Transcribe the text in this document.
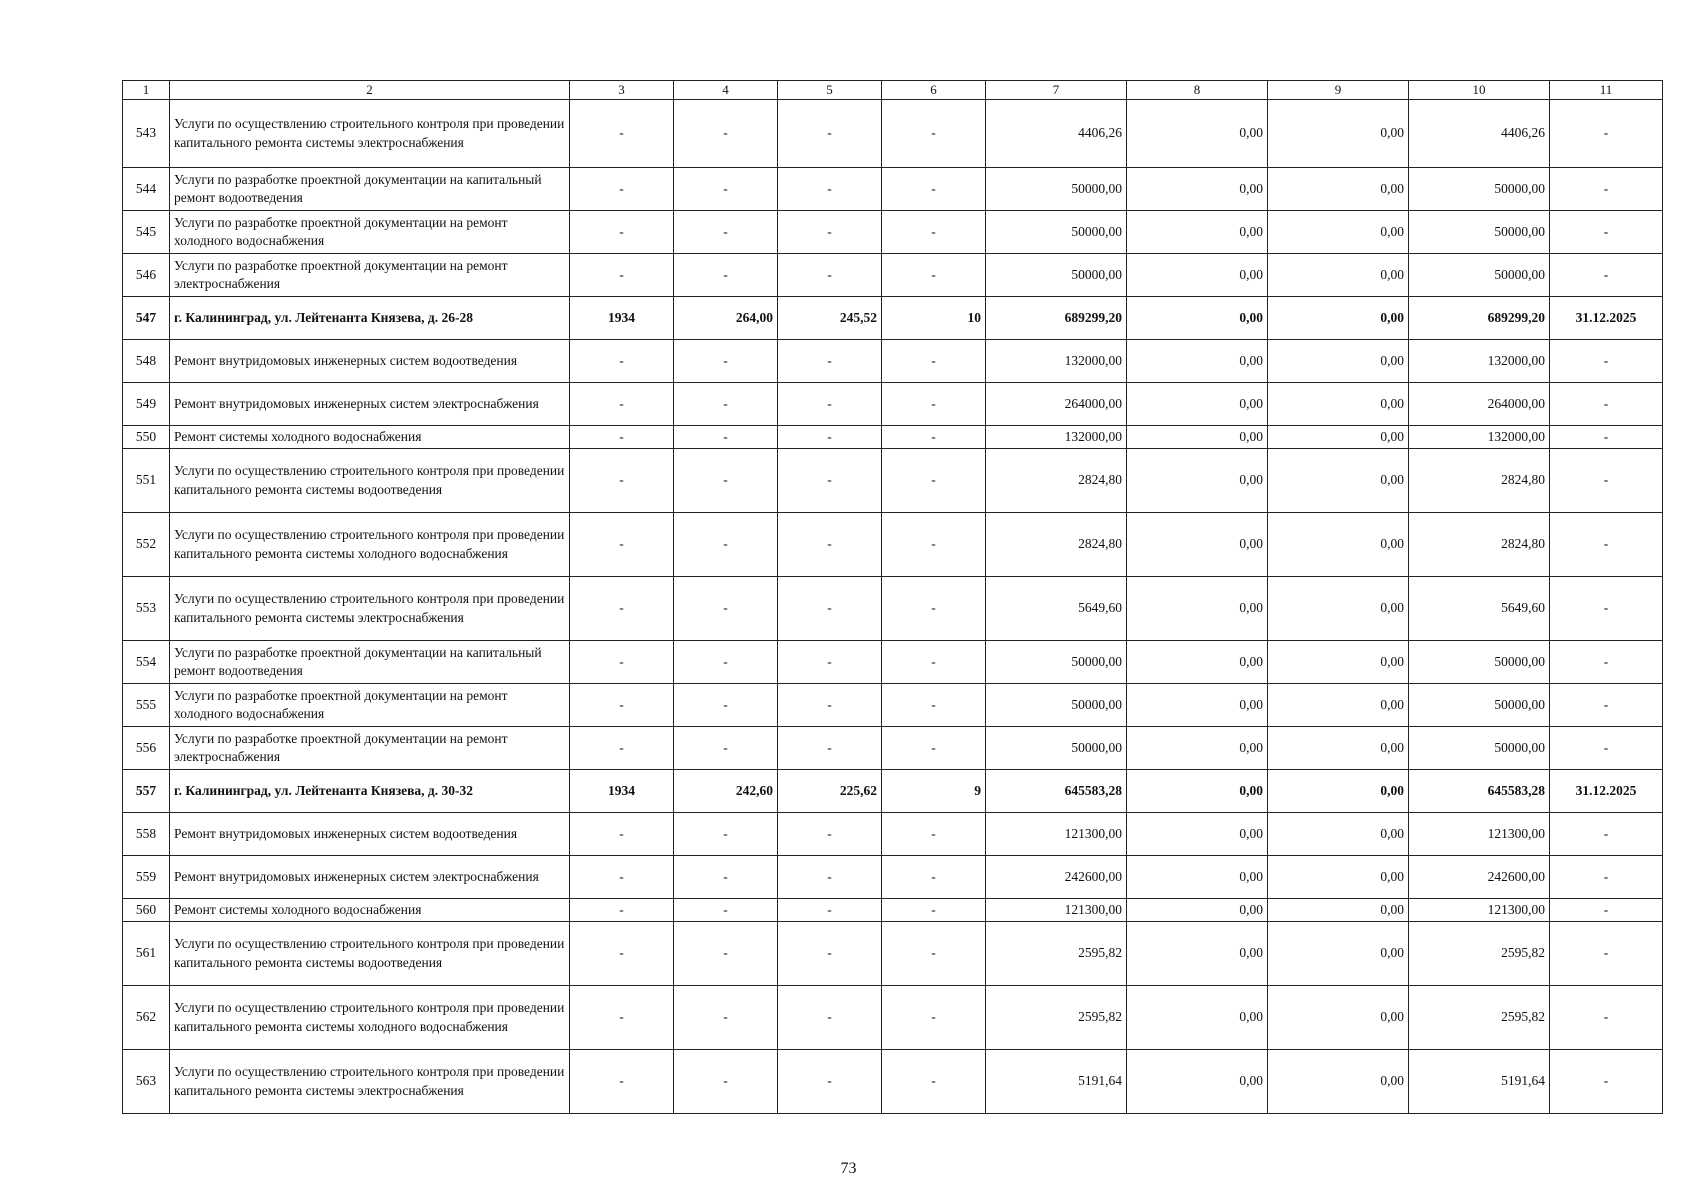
1	2	3	4	5	6	7	8	9	10	11
543	Услуги по осуществлению строительного контроля при проведении капитального ремонта системы электроснабжения	-	-	-	-	4406,26	0,00	0,00	4406,26	-
544	Услуги по разработке проектной документации на капитальный ремонт водоотведения	-	-	-	-	50000,00	0,00	0,00	50000,00	-
545	Услуги по разработке проектной документации на ремонт холодного водоснабжения	-	-	-	-	50000,00	0,00	0,00	50000,00	-
546	Услуги по разработке проектной документации на ремонт электроснабжения	-	-	-	-	50000,00	0,00	0,00	50000,00	-
547	г. Калининград, ул. Лейтенанта Князева, д. 26-28	1934	264,00	245,52	10	689299,20	0,00	0,00	689299,20	31.12.2025
548	Ремонт внутридомовых инженерных систем водоотведения	-	-	-	-	132000,00	0,00	0,00	132000,00	-
549	Ремонт внутридомовых инженерных систем электроснабжения	-	-	-	-	264000,00	0,00	0,00	264000,00	-
550	Ремонт системы холодного водоснабжения	-	-	-	-	132000,00	0,00	0,00	132000,00	-
551	Услуги по осуществлению строительного контроля при проведении капитального ремонта системы водоотведения	-	-	-	-	2824,80	0,00	0,00	2824,80	-
552	Услуги по осуществлению строительного контроля при проведении капитального ремонта системы холодного водоснабжения	-	-	-	-	2824,80	0,00	0,00	2824,80	-
553	Услуги по осуществлению строительного контроля при проведении капитального ремонта системы электроснабжения	-	-	-	-	5649,60	0,00	0,00	5649,60	-
554	Услуги по разработке проектной документации на капитальный ремонт водоотведения	-	-	-	-	50000,00	0,00	0,00	50000,00	-
555	Услуги по разработке проектной документации на ремонт холодного водоснабжения	-	-	-	-	50000,00	0,00	0,00	50000,00	-
556	Услуги по разработке проектной документации на ремонт электроснабжения	-	-	-	-	50000,00	0,00	0,00	50000,00	-
557	г. Калининград, ул. Лейтенанта Князева, д. 30-32	1934	242,60	225,62	9	645583,28	0,00	0,00	645583,28	31.12.2025
558	Ремонт внутридомовых инженерных систем водоотведения	-	-	-	-	121300,00	0,00	0,00	121300,00	-
559	Ремонт внутридомовых инженерных систем электроснабжения	-	-	-	-	242600,00	0,00	0,00	242600,00	-
560	Ремонт системы холодного водоснабжения	-	-	-	-	121300,00	0,00	0,00	121300,00	-
561	Услуги по осуществлению строительного контроля при проведении капитального ремонта системы водоотведения	-	-	-	-	2595,82	0,00	0,00	2595,82	-
562	Услуги по осуществлению строительного контроля при проведении капитального ремонта системы холодного водоснабжения	-	-	-	-	2595,82	0,00	0,00	2595,82	-
563	Услуги по осуществлению строительного контроля при проведении капитального ремонта системы электроснабжения	-	-	-	-	5191,64	0,00	0,00	5191,64	-
73
